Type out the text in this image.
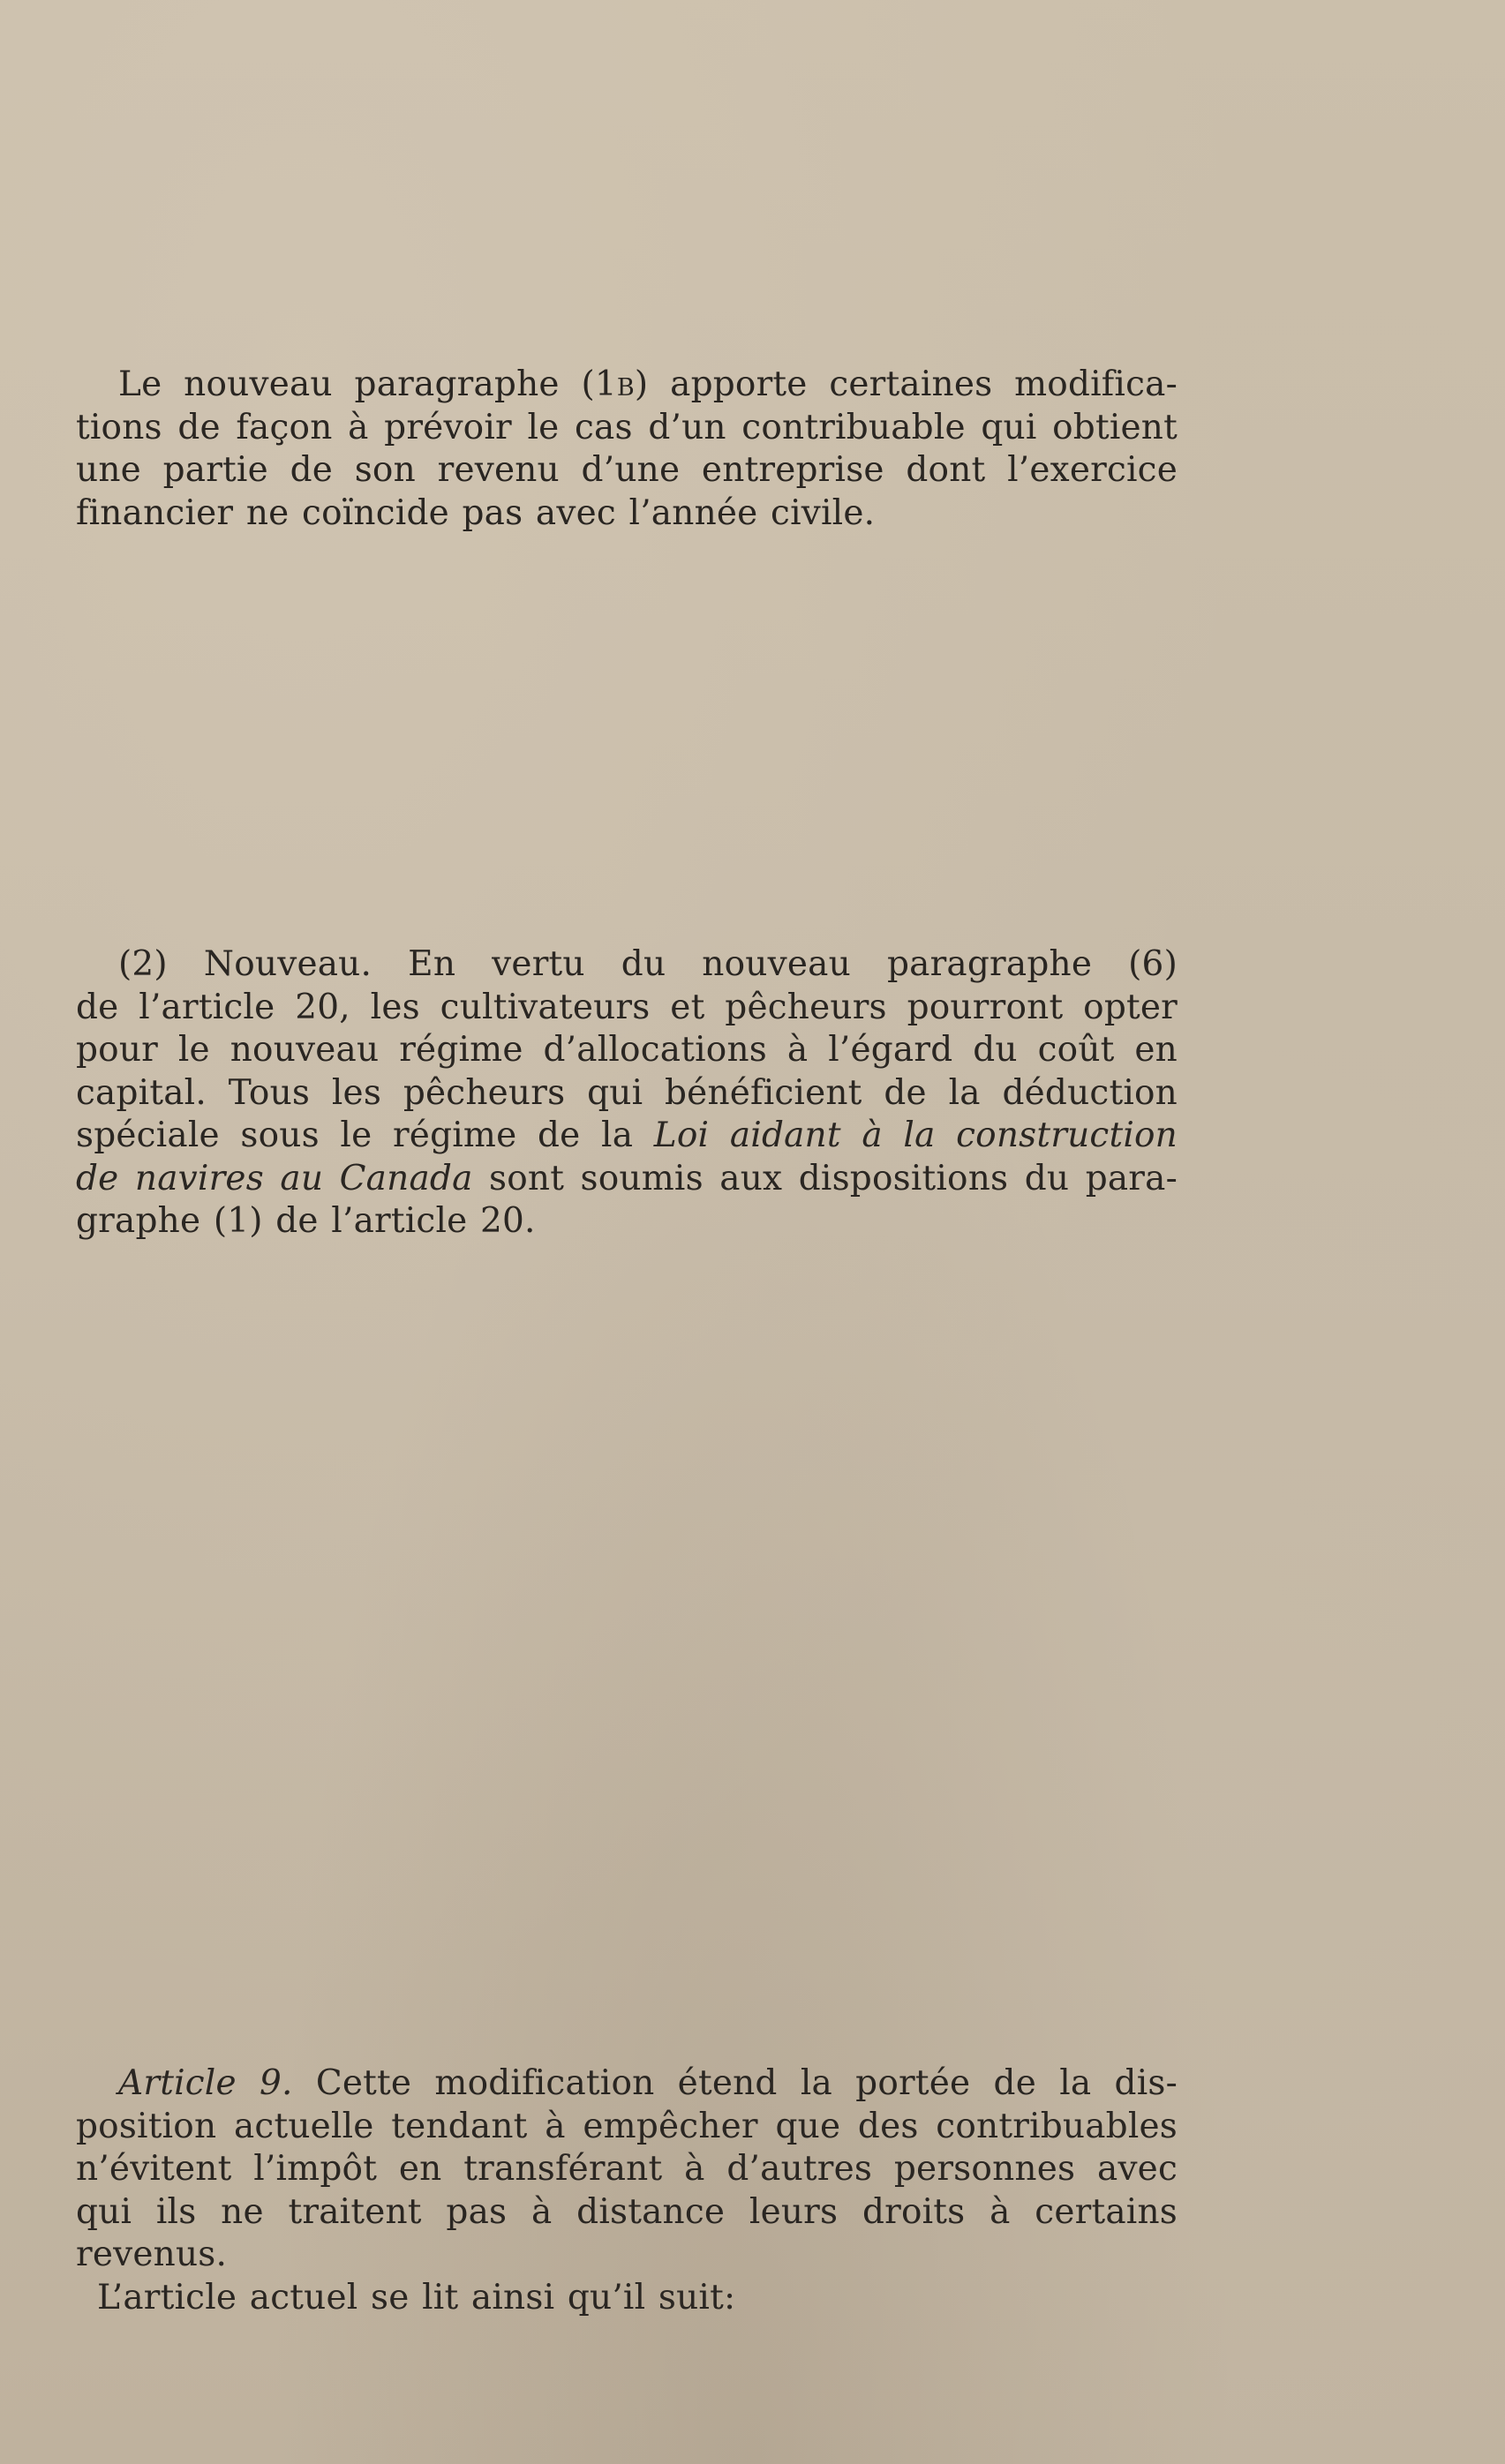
Le nouveau paragraphe (1b) apporte certaines modifica-
tions de façon à prévoir le cas d’un contribuable qui obtient
une partie de son revenu d’une entreprise dont l’exercice
financier ne coïncide pas avec l’année civile.
(2) Nouveau. En vertu du nouveau paragraphe (6)
de l’article 20, les cultivateurs et pêcheurs pourront opter
pour le nouveau régime d’allocations à l’égard du coût en
capital. Tous les pêcheurs qui bénéficient de la déduction
spéciale sous le régime de la Loi aidant à la construction
de navires au Canada sont soumis aux dispositions du para-
graphe (1) de l’article 20.
Article 9. Cette modification étend la portée de la dis-
position actuelle tendant à empêcher que des contribuables
n’évitent l’impôt en transférant à d’autres personnes avec
qui ils ne traitent pas à distance leurs droits à certains
revenus.
L’article actuel se lit ainsi qu’il suit:
